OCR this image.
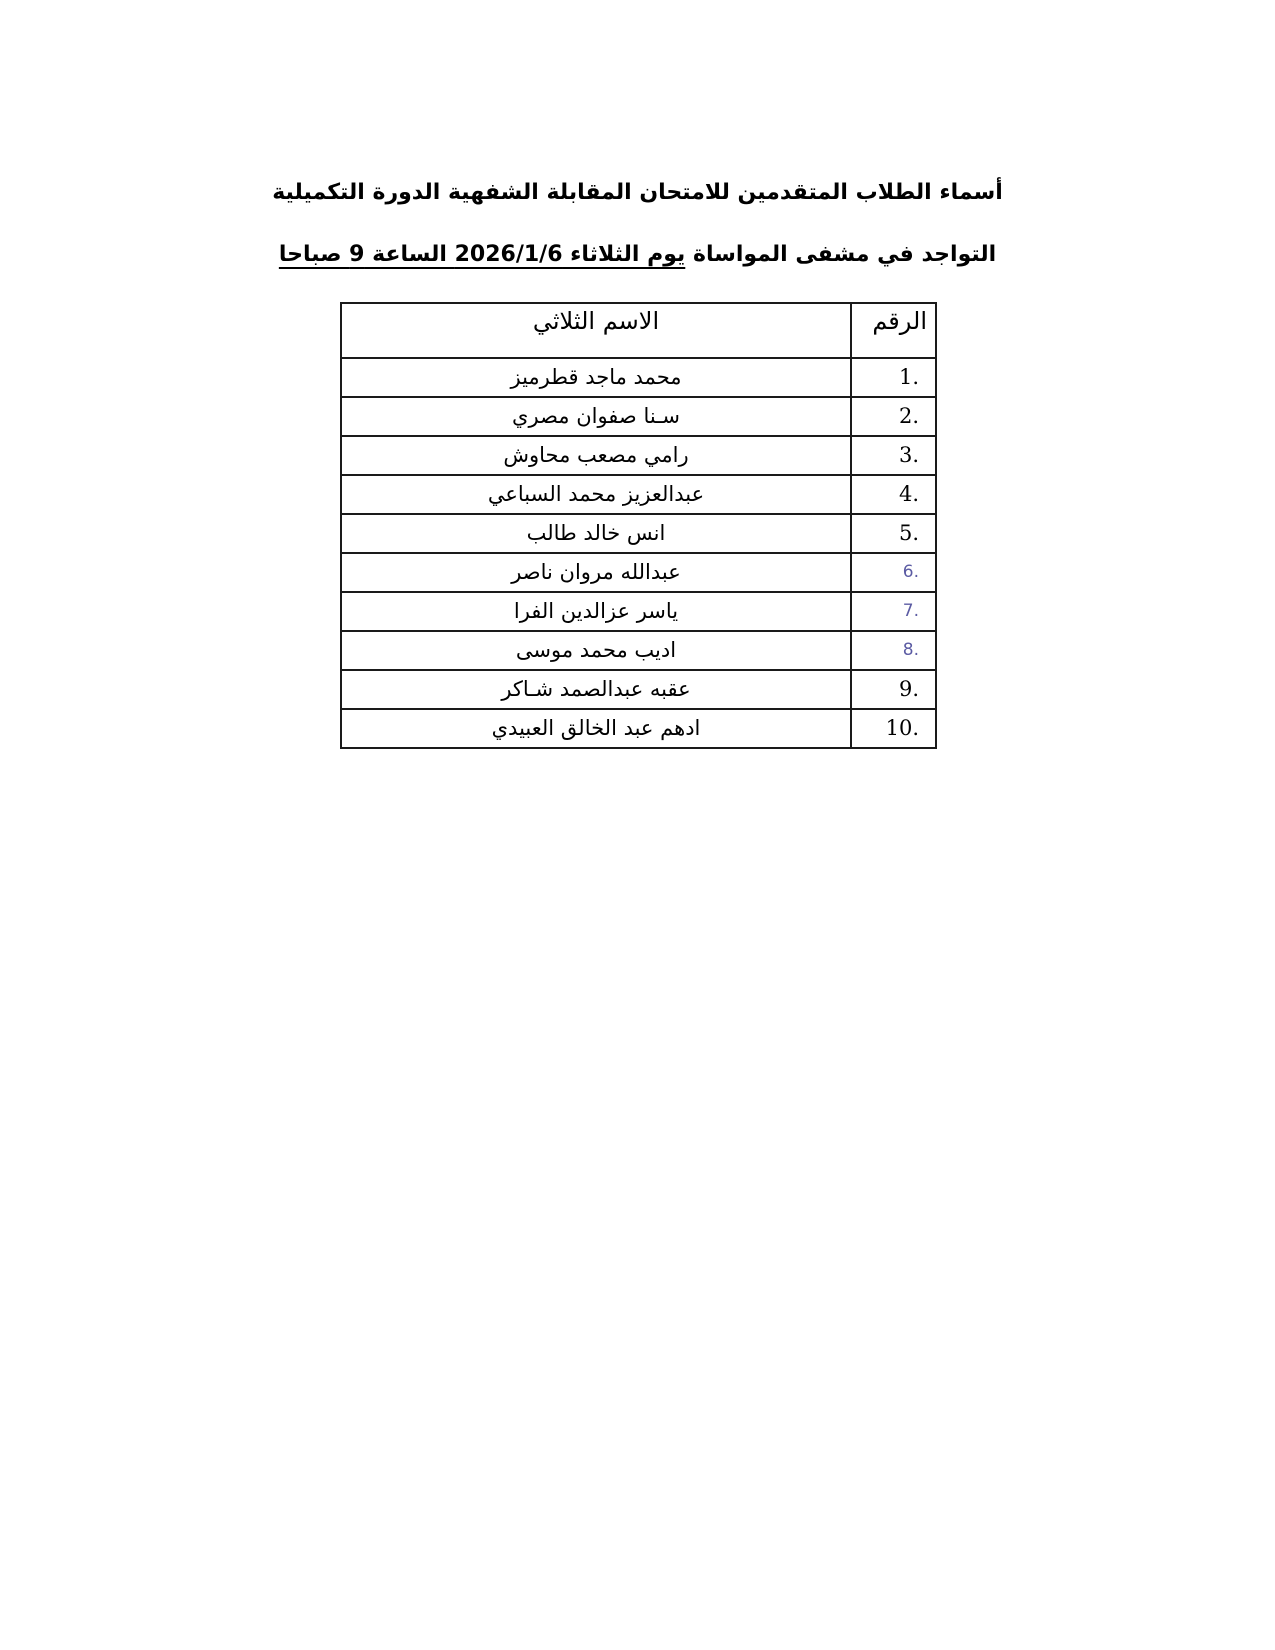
أسماء الطلاب المتقدمين للامتحان المقابلة الشفهية الدورة التكميلية
التواجد في مشفى المواساة يوم الثلاثاء 2026/1/6 الساعة 9 صباحا
الرقم	الاسم الثلاثي
1.	محمد ماجد قطرميز
2.	سـنا صفوان مصري
3.	رامي مصعب محاوش
4.	عبدالعزيز محمد السباعي
5.	انس خالد طالب
6.	عبدالله مروان ناصر
7.	ياسر عزالدين الفرا
8.	اديب محمد موسى
9.	عقبه عبدالصمد شـاكر
10.	ادهم عبد الخالق العبيدي
